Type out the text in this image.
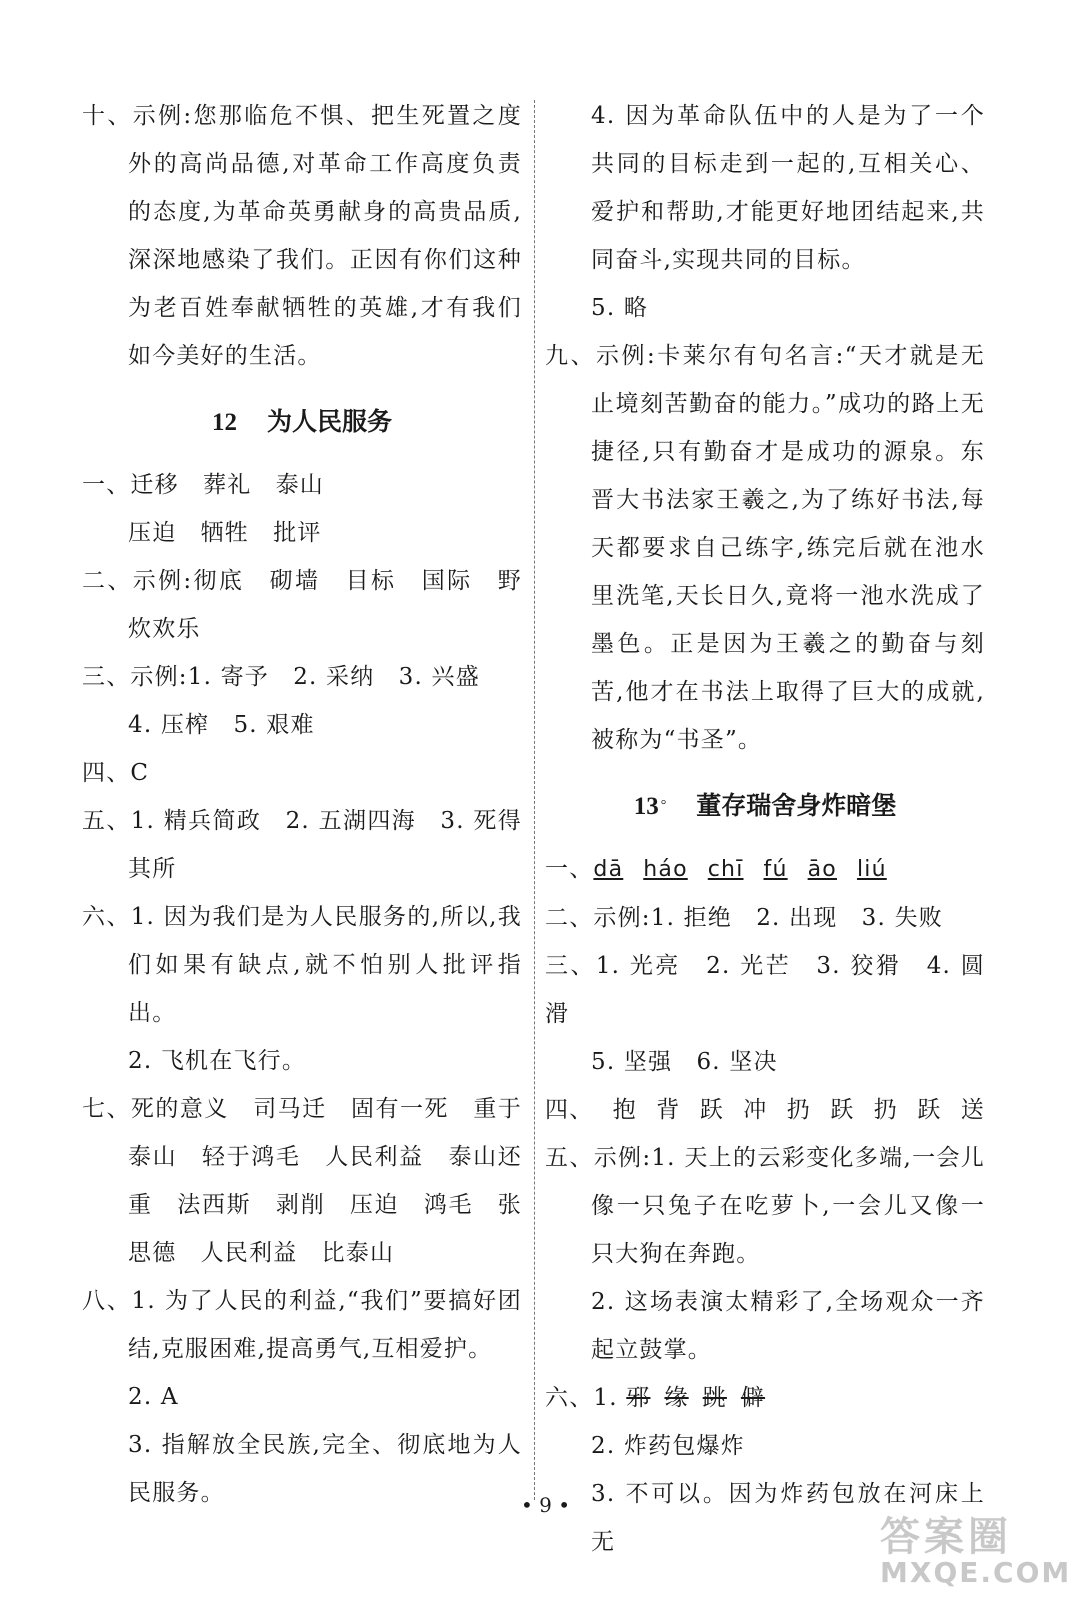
十、示例:您那临危不惧、把生死置之度外的高尚品德,对革命工作高度负责的态度,为革命英勇献身的高贵品质,深深地感染了我们。正因有你们这种为老百姓奉献牺牲的英雄,才有我们如今美好的生活。

12 为人民服务

一、迁移　葬礼　泰山

压迫　牺牲　批评

二、示例:彻底　砌墙　目标　国际　野炊欢乐

三、示例:1. 寄予　2. 采纳　3. 兴盛

4. 压榨　5. 艰难

四、C

五、1. 精兵简政　2. 五湖四海　3. 死得其所

六、1. 因为我们是为人民服务的,所以,我们如果有缺点,就不怕别人批评指出。

2. 飞机在飞行。

七、死的意义　司马迁　固有一死　重于泰山　轻于鸿毛　人民利益　泰山还重　法西斯　剥削　压迫　鸿毛　张思德　人民利益　比泰山

八、1. 为了人民的利益,“我们”要搞好团结,克服困难,提高勇气,互相爱护。

2. A

3. 指解放全民族,完全、彻底地为人民服务。

4. 因为革命队伍中的人是为了一个共同的目标走到一起的,互相关心、爱护和帮助,才能更好地团结起来,共同奋斗,实现共同的目标。

5. 略

九、示例:卡莱尔有句名言:“天才就是无止境刻苦勤奋的能力。”成功的路上无捷径,只有勤奋才是成功的源泉。东晋大书法家王羲之,为了练好书法,每天都要求自己练字,练完后就在池水里洗笔,天长日久,竟将一池水洗成了墨色。正是因为王羲之的勤奋与刻苦,他才在书法上取得了巨大的成就,被称为“书圣”。

13 ° 董存瑞舍身炸暗堡

一、 dā háo chī fú āo liú

二、示例:1. 拒绝　2. 出现　3. 失败

三、1. 光亮　2. 光芒　3. 狡猾　4. 圆滑

5. 坚强　6. 坚决

四、 抱 背 跃 冲 扔 跃 扔 跃 送

五、示例:1. 天上的云彩变化多端,一会儿像一只兔子在吃萝卜,一会儿又像一只大狗在奔跑。

2. 这场表演太精彩了,全场观众一齐起立鼓掌。

六、1. 邪 缘 跳 僻

2. 炸药包爆炸

3. 不可以。因为炸药包放在河床上无

• 9 •
答案圈
MXQE.COM
